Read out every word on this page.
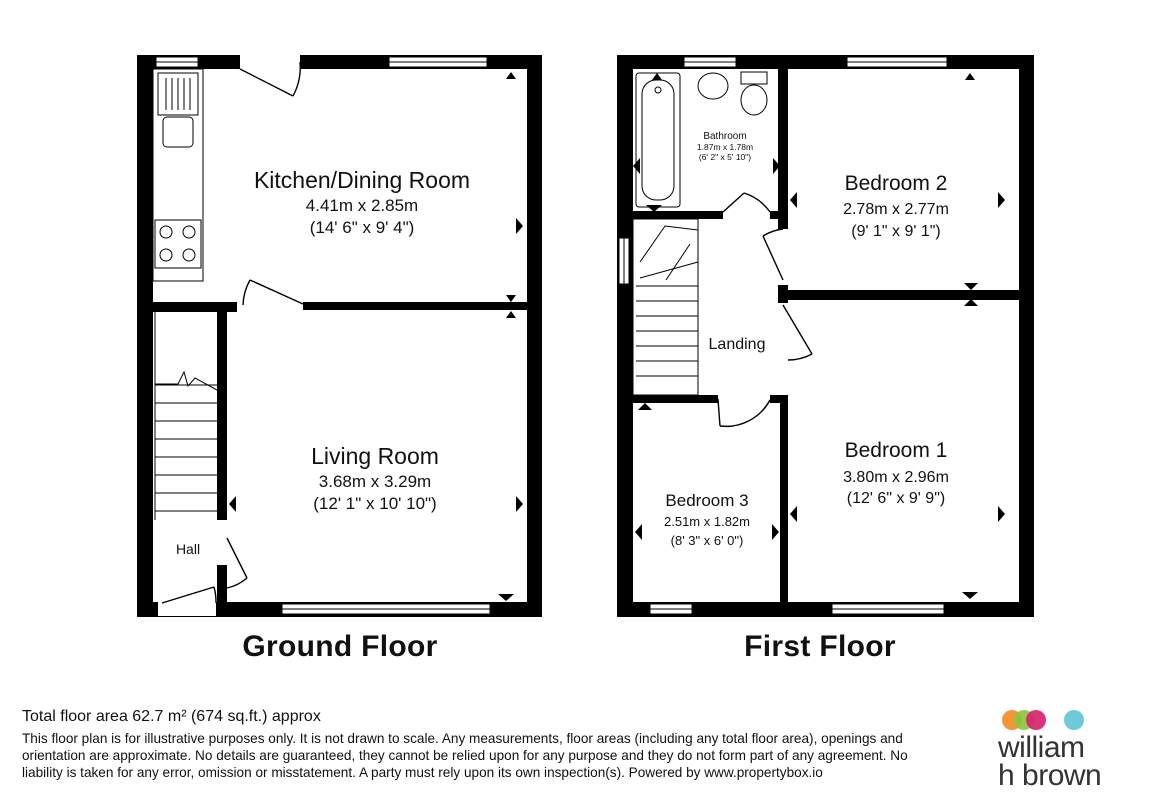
Kitchen/Dining Room
4.41m x 2.85m
(14' 6" x 9' 4")
Living Room
3.68m x 3.29m
(12' 1" x 10' 10")
Hall
Bathroom
1.87m x 1.78m
(6' 2" x 5' 10")
Bedroom 2
2.78m x 2.77m
(9' 1" x 9' 1")
Landing
Bedroom 3
2.51m x 1.82m
(8' 3" x 6' 0")
Bedroom 1
3.80m x 2.96m
(12' 6" x 9' 9")
Ground Floor	First Floor
Total floor area 62.7 m² (674 sq.ft.) approx
This floor plan is for illustrative purposes only. It is not drawn to scale. Any measurements, floor areas (including any total floor area), openings and orientation are approximate. No details are guaranteed, they cannot be relied upon for any purpose and they do not form part of any agreement. No liability is taken for any error, omission or misstatement. A party must rely upon its own inspection(s). Powered by www.propertybox.io
william
h brown
